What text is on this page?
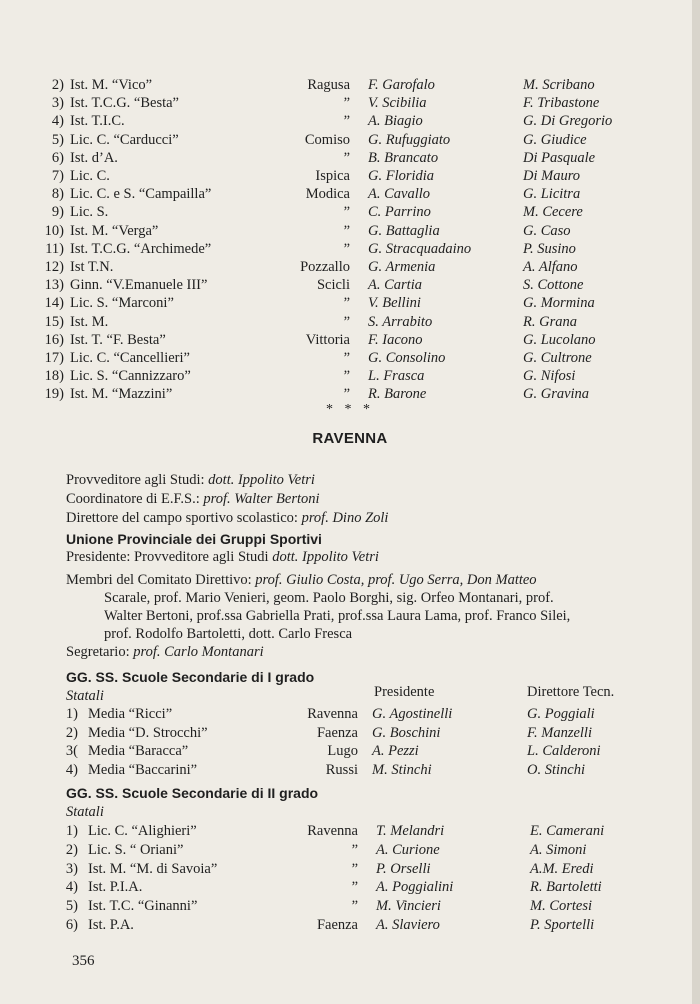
2) Ist. M. “Vico”	Ragusa F. Garofalo	M. Scribano
3) Ist. T.C.G. “Besta”	” V. Scibilia	F. Tribastone
4) Ist. T.I.C.	” A. Biagio	G. Di Gregorio
5) Lic. C. “Carducci”	Comiso G. Rufuggiato	G. Giudice
6) Ist. d’A.	” B. Brancato	Di Pasquale
7) Lic. C.	Ispica G. Floridia	Di Mauro
8) Lic. C. e S. “Campailla”	Modica A. Cavallo	G. Licitra
9) Lic. S.	” C. Parrino	M. Cecere
10) Ist. M. “Verga”	” G. Battaglia	G. Caso
11) Ist. T.C.G. “Archimede”	” G. Stracquadaino	P. Susino
12) Ist T.N.	Pozzallo G. Armenia	A. Alfano
13) Ginn. “V.Emanuele III”	Scicli A. Cartia	S. Cottone
14) Lic. S. “Marconi”	” V. Bellini	G. Mormina
15) Ist. M.	” S. Arrabito	R. Grana
16) Ist. T. “F. Besta”	Vittoria F. Iacono	G. Lucolano
17) Lic. C. “Cancellieri”	” G. Consolino	G. Cultrone
18) Lic. S. “Cannizzaro”	” L. Frasca	G. Nifosi
19) Ist. M. “Mazzini”	” R. Barone	G. Gravina
* * *
RAVENNA
Provveditore agli Studi: dott. Ippolito Vetri
Coordinatore di E.F.S.: prof. Walter Bertoni
Direttore del campo sportivo scolastico: prof. Dino Zoli
Unione Provinciale dei Gruppi Sportivi
Presidente: Provveditore agli Studi dott. Ippolito Vetri
Membri del Comitato Direttivo: prof. Giulio Costa, prof. Ugo Serra, Don Matteo
Scarale, prof. Mario Venieri, geom. Paolo Borghi, sig. Orfeo Montanari, prof.
Walter Bertoni, prof.ssa Gabriella Prati, prof.ssa Laura Lama, prof. Franco Silei,
prof. Rodolfo Bartoletti, dott. Carlo Fresca
Segretario: prof. Carlo Montanari
GG. SS. Scuole Secondarie di I grado
Statali	Presidente	Direttore Tecn.
1) Media “Ricci”	Ravenna G. Agostinelli	G. Poggiali
2) Media “D. Strocchi”	Faenza G. Boschini	F. Manzelli
3( Media “Baracca”	Lugo A. Pezzi	L. Calderoni
4) Media “Baccarini”	Russi M. Stinchi	O. Stinchi
GG. SS. Scuole Secondarie di II grado
Statali
1) Lic. C. “Alighieri”	Ravenna T. Melandri	E. Camerani
2) Lic. S. “ Oriani”	” A. Curione	A. Simoni
3) Ist. M. “M. di Savoia”	” P. Orselli	A.M. Eredi
4) Ist. P.I.A.	” A. Poggialini	R. Bartoletti
5) Ist. T.C. “Ginanni”	” M. Vincieri	M. Cortesi
6) Ist. P.A.	Faenza A. Slaviero	P. Sportelli
356
